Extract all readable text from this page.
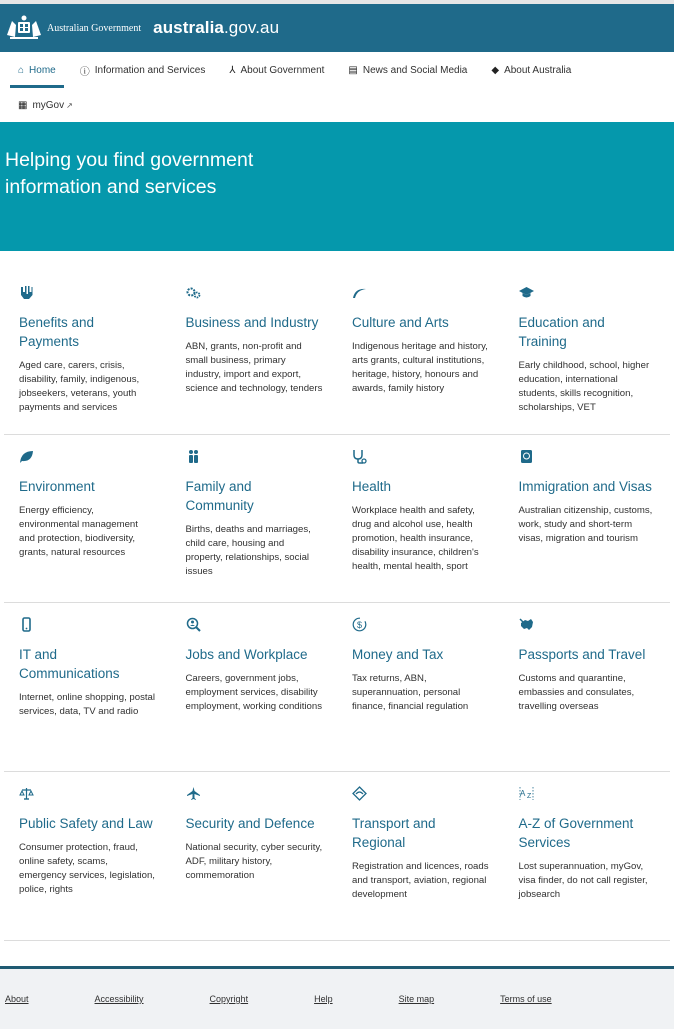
Australian Government australia.gov.au
⌂ Home ⓘ Information and Services ⅄ About Government ▤ News and Social Media ◆ About Australia
▦ myGov ↗
Helping you find government information and services
Benefits and Payments

Aged care, carers, crisis, disability, family, indigenous, jobseekers, veterans, youth payments and services

Business and Industry

ABN, grants, non-profit and small business, primary industry, import and export, science and technology, tenders

Culture and Arts

Indigenous heritage and history, arts grants, cultural institutions, heritage, history, honours and awards, family history

Education and Training

Early childhood, school, higher education, international students, skills recognition, scholarships, VET

Environment

Energy efficiency, environmental management and protection, biodiversity, grants, natural resources

Family and Community

Births, deaths and marriages, child care, housing and property, relationships, social issues

Health

Workplace health and safety, drug and alcohol use, health promotion, health insurance, disability insurance, children's health, mental health, sport

Immigration and Visas

Australian citizenship, customs, work, study and short-term visas, migration and tourism

IT and Communications

Internet, online shopping, postal services, data, TV and radio

Jobs and Workplace

Careers, government jobs, employment services, disability employment, working conditions

$
Money and Tax

Tax returns, ABN, superannuation, personal finance, financial regulation

Passports and Travel

Customs and quarantine, embassies and consulates, travelling overseas

Public Safety and Law

Consumer protection, fraud, online safety, scams, emergency services, legislation, police, rights

Security and Defence

National security, cyber security, ADF, military history, commemoration

Transport and Regional

Registration and licences, roads and transport, aviation, regional development

A Z
A-Z of Government Services

Lost superannuation, myGov, visa finder, do not call register, jobsearch

About	Accessibility	Copyright	Help	Site map	Terms of use
